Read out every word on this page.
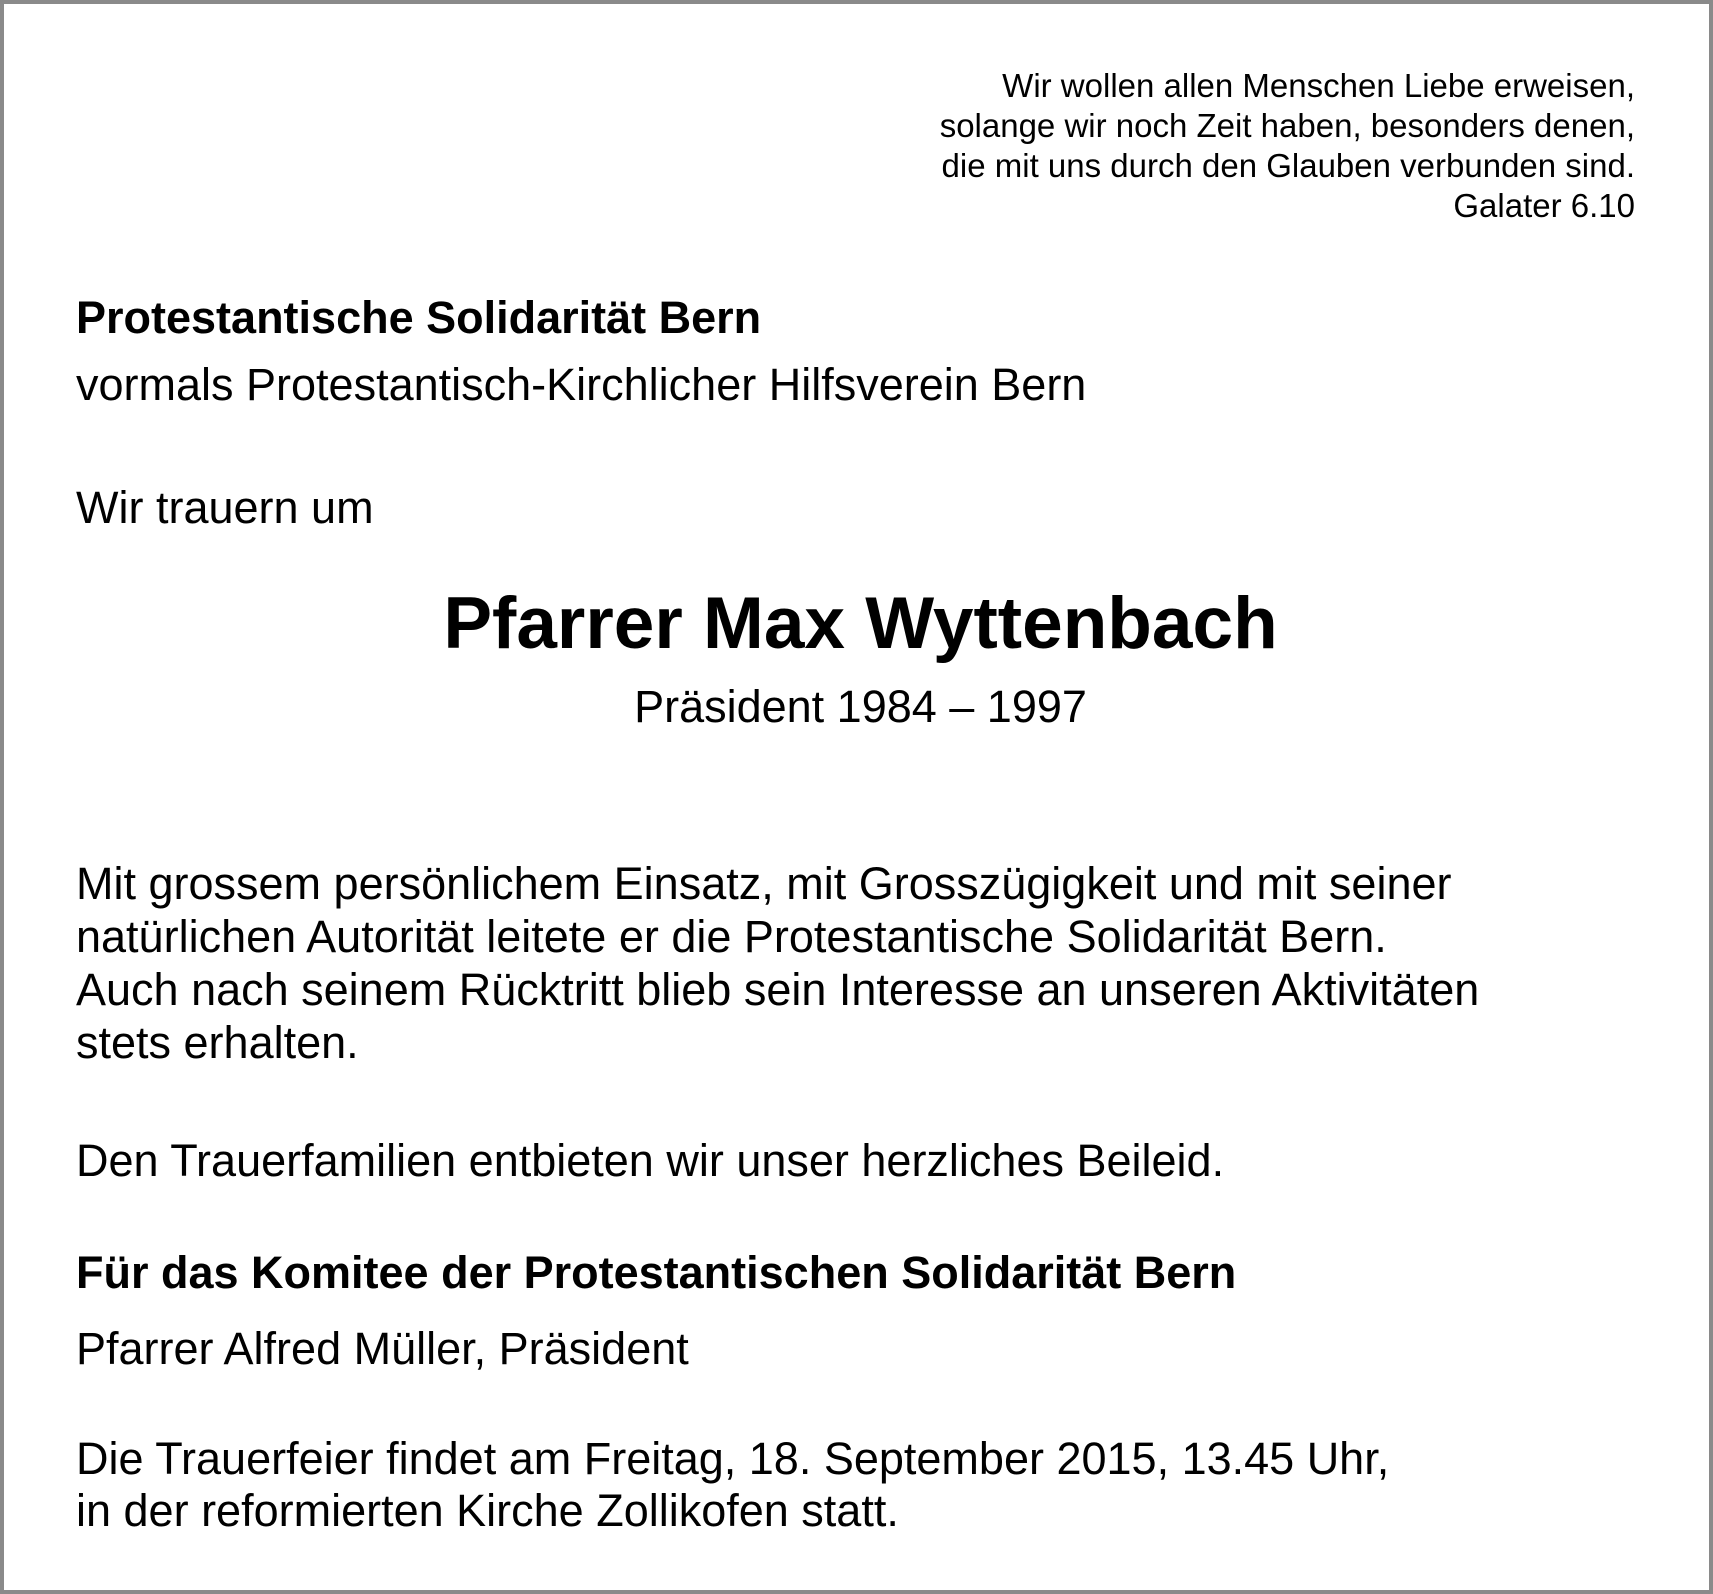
Wir wollen allen Menschen Liebe erweisen,
solange wir noch Zeit haben, besonders denen,
die mit uns durch den Glauben verbunden sind.
Galater 6.10

Protestantische Solidarität Bern

vormals Protestantisch-Kirchlicher Hilfsverein Bern

Wir trauern um

Pfarrer Max Wyttenbach

Präsident 1984 – 1997

Mit grossem persönlichem Einsatz, mit Grosszügigkeit und mit seiner
natürlichen Autorität leitete er die Protestantische Solidarität Bern.
Auch nach seinem Rücktritt blieb sein Interesse an unseren Aktivitäten
stets erhalten.

Den Trauerfamilien entbieten wir unser herzliches Beileid.

Für das Komitee der Protestantischen Solidarität Bern

Pfarrer Alfred Müller, Präsident

Die Trauerfeier findet am Freitag, 18. September 2015, 13.45 Uhr,
in der reformierten Kirche Zollikofen statt.
